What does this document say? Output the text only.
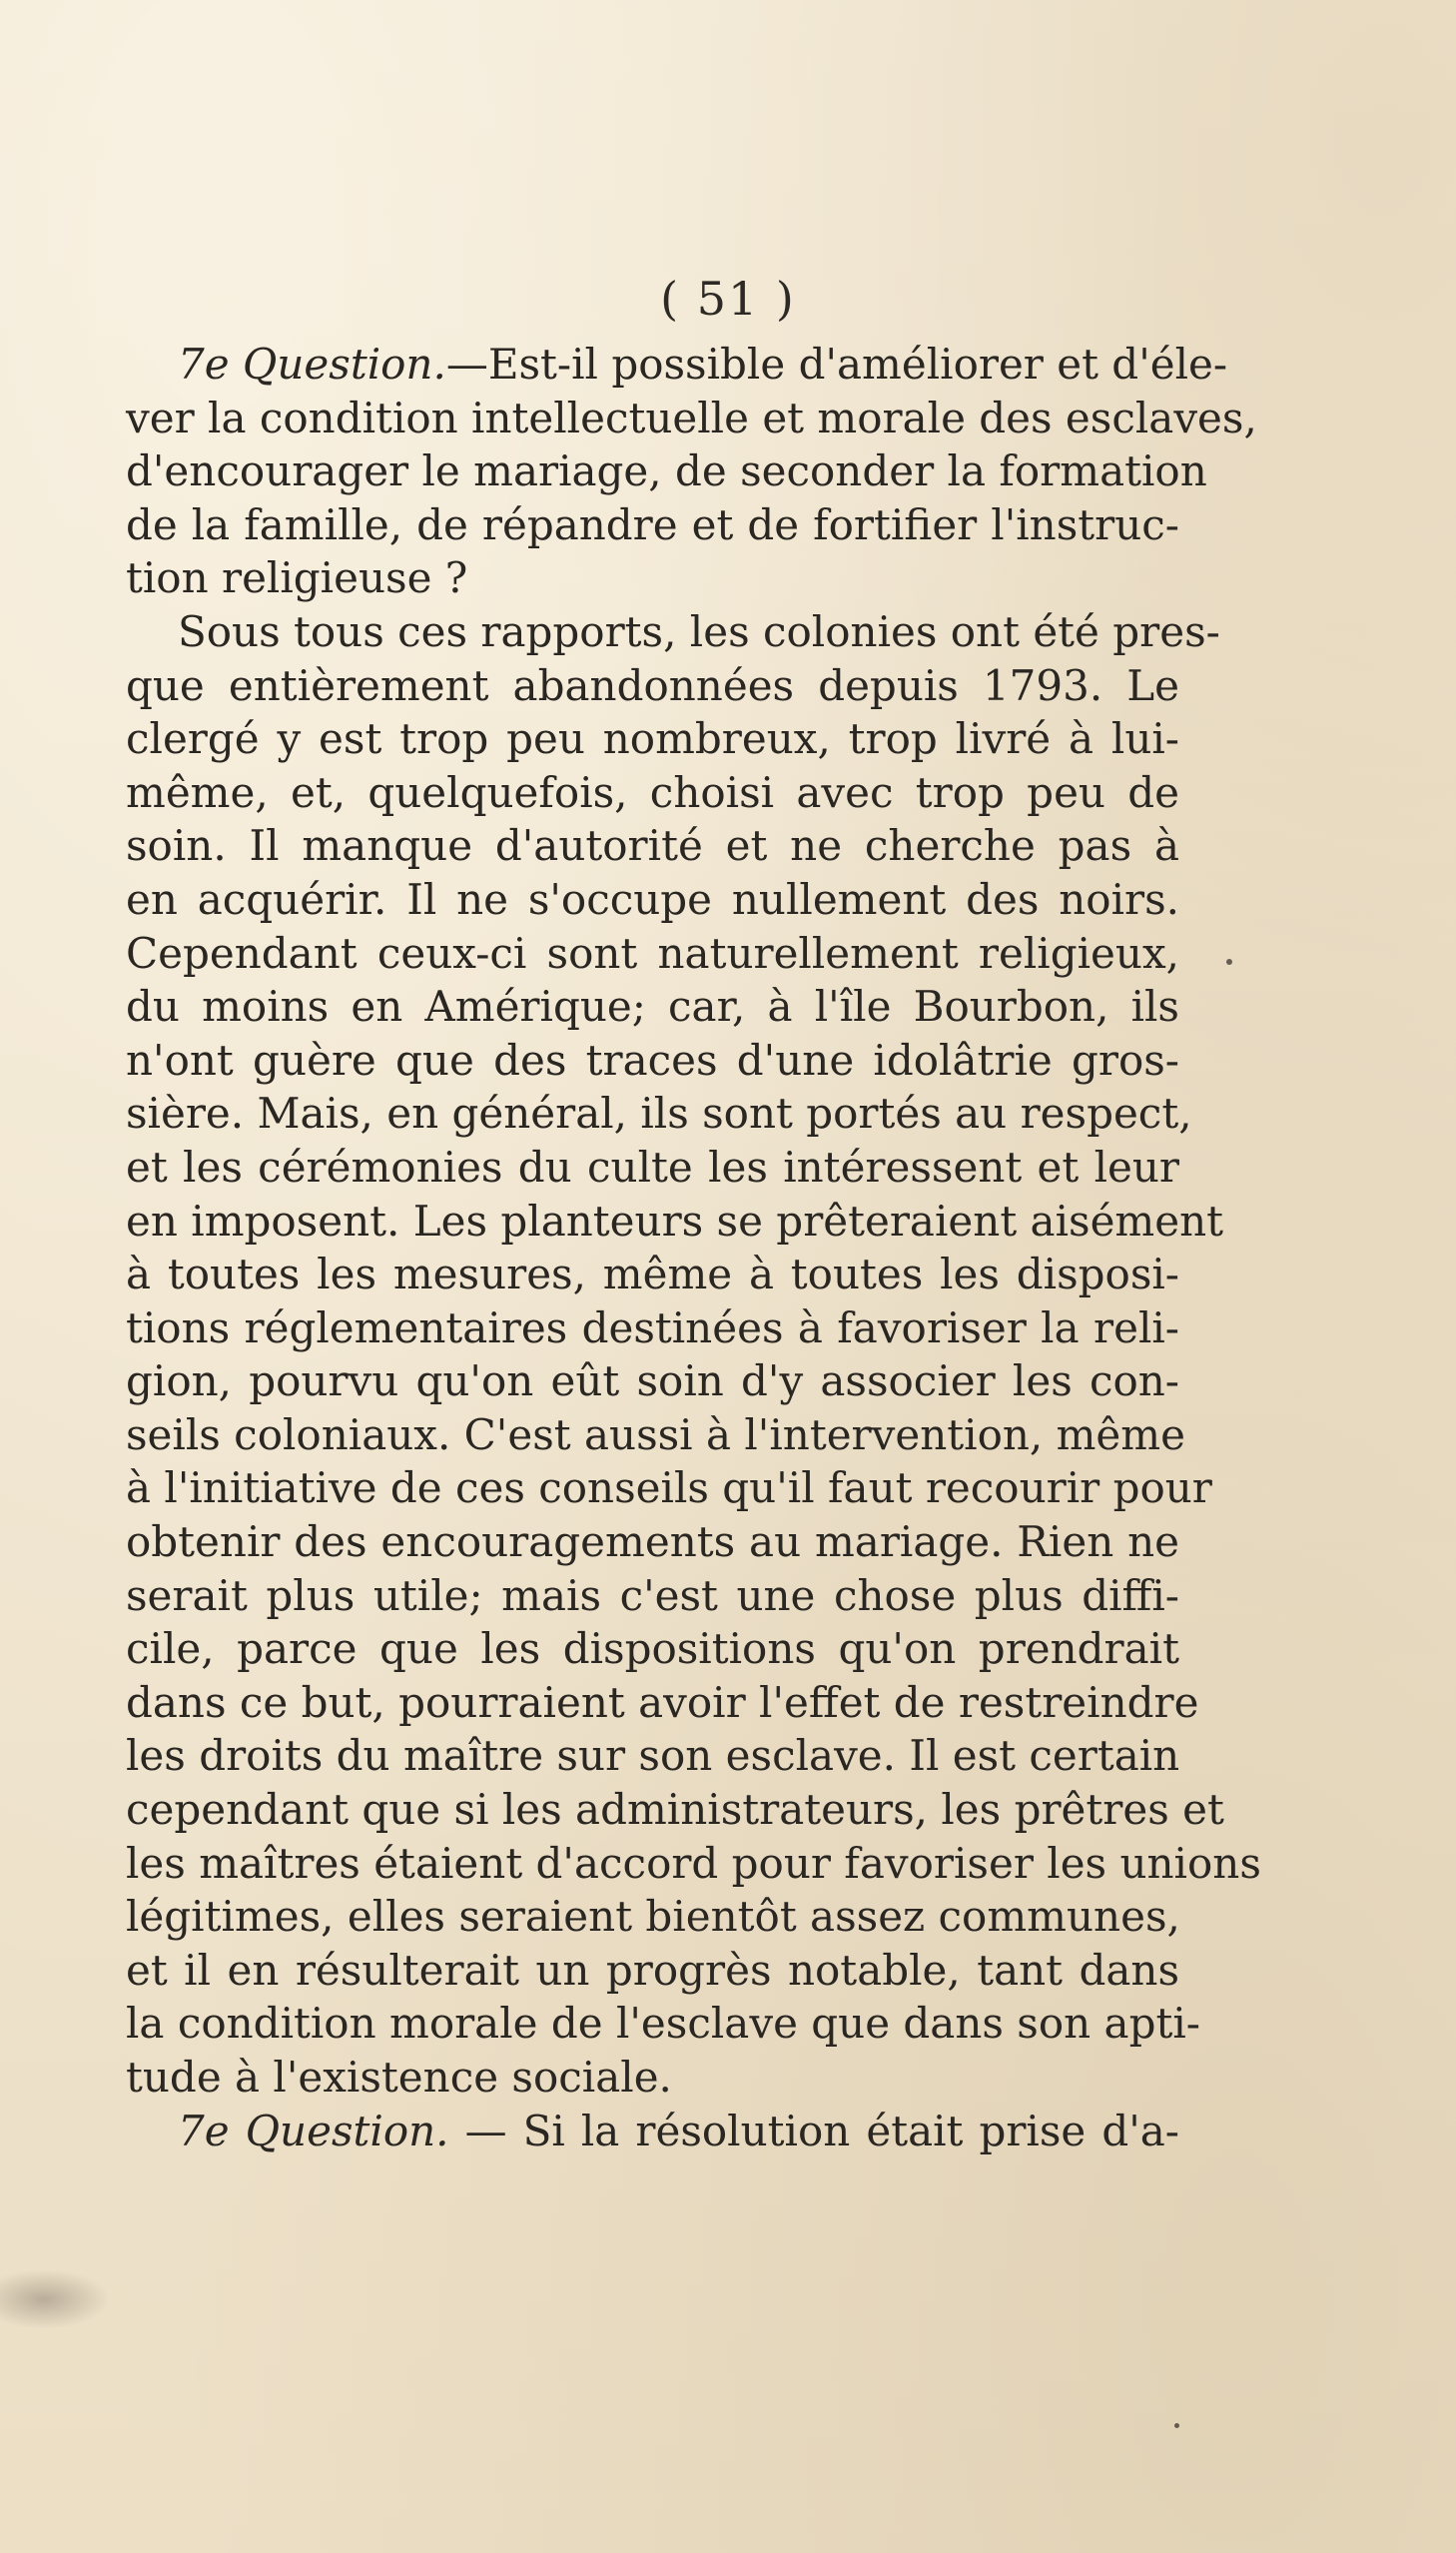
( 51 )
7e Question.—Est-il possible d'améliorer et d'éle-
ver la condition intellectuelle et morale des esclaves,
d'encourager le mariage, de seconder la formation
de la famille, de répandre et de fortifier l'instruc-
tion religieuse ?
Sous tous ces rapports, les colonies ont été pres-
que entièrement abandonnées depuis 1793. Le
clergé y est trop peu nombreux, trop livré à lui-
même, et, quelquefois, choisi avec trop peu de
soin. Il manque d'autorité et ne cherche pas à
en acquérir. Il ne s'occupe nullement des noirs.
Cependant ceux-ci sont naturellement religieux,
du moins en Amérique; car, à l'île Bourbon, ils
n'ont guère que des traces d'une idolâtrie gros-
sière. Mais, en général, ils sont portés au respect,
et les cérémonies du culte les intéressent et leur
en imposent. Les planteurs se prêteraient aisément
à toutes les mesures, même à toutes les disposi-
tions réglementaires destinées à favoriser la reli-
gion, pourvu qu'on eût soin d'y associer les con-
seils coloniaux. C'est aussi à l'intervention, même
à l'initiative de ces conseils qu'il faut recourir pour
obtenir des encouragements au mariage. Rien ne
serait plus utile; mais c'est une chose plus diffi-
cile, parce que les dispositions qu'on prendrait
dans ce but, pourraient avoir l'effet de restreindre
les droits du maître sur son esclave. Il est certain
cependant que si les administrateurs, les prêtres et
les maîtres étaient d'accord pour favoriser les unions
légitimes, elles seraient bientôt assez communes,
et il en résulterait un progrès notable, tant dans
la condition morale de l'esclave que dans son apti-
tude à l'existence sociale.
7e Question. — Si la résolution était prise d'a-
